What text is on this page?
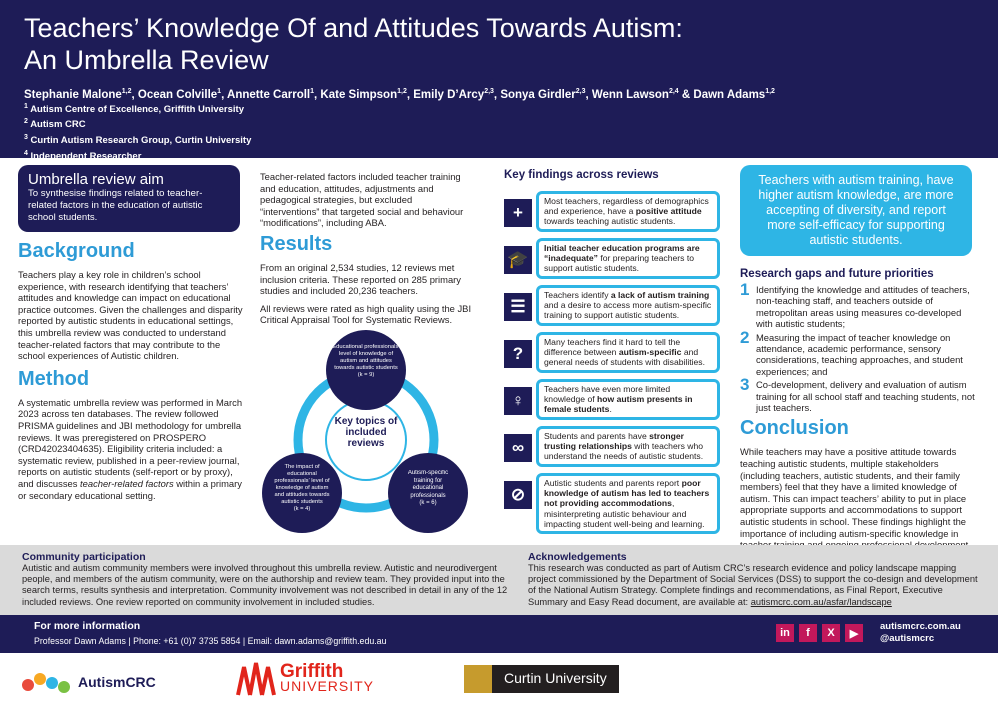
Teachers’ Knowledge Of and Attitudes Towards Autism:
An Umbrella Review
Stephanie Malone$^{1,2}$, Ocean Colville$^1$, Annette Carroll$^1$, Kate Simpson$^{1,2}$, Emily D’Arcy$^{2,3}$, Sonya Girdler$^{2,3}$, Wenn Lawson$^{2,4}$ & Dawn Adams$^{1,2}$
$^1$ Autism Centre of Excellence, Griffith University
$^2$ Autism CRC
$^3$ Curtin Autism Research Group, Curtin University
$^4$ Independent Researcher
Umbrella review aim

To synthesise findings related to teacher-related factors in the education of autistic school students.

Background

Teachers play a key role in children’s school experience, with research identifying that teachers’ attitudes and knowledge can impact on educational practice outcomes. Given the challenges and disparity reported by autistic students in educational settings, this umbrella review was conducted to understand teacher-related factors that may contribute to the school experiences of Autistic children.

Method

A systematic umbrella review was performed in March 2023 across ten databases. The review followed PRISMA guidelines and JBI methodology for umbrella reviews. It was preregistered on PROSPERO (CRD42023404635). Eligibility criteria included: a systematic review, published in a peer-review journal, reports on autistic students (self-report or by proxy), and discusses teacher-related factors within a primary or secondary educational setting.

Teacher-related factors included teacher training and education, attitudes, adjustments and pedagogical strategies, but excluded “interventions” that targeted social and behaviour “modifications”, including ABA.

Results

From an original 2,534 studies, 12 reviews met inclusion criteria. These reported on 285 primary studies and included 20,236 teachers.

All reviews were rated as high quality using the JBI Critical Appraisal Tool for Systematic Reviews.

Key topics of included reviews
Educational professionals’ level of knowledge of autism and attitudes towards autistic students
(k = 9)
The impact of educational professionals’ level of knowledge of autism and attitudes towards autistic students
(k = 4)
Autism-specific training for educational professionals
(k = 6)
Key findings across reviews
+
Most teachers, regardless of demographics and experience, have a positive attitude towards teaching autistic students.
🎓
Initial teacher education programs are “inadequate” for preparing teachers to support autistic students.
☰
Teachers identify a lack of autism training and a desire to access more autism-specific training to support autistic students.
?
Many teachers find it hard to tell the difference between autism-specific and general needs of students with disabilities.
♀
Teachers have even more limited knowledge of how autism presents in female students.
∞
Students and parents have stronger trusting relationships with teachers who understand the needs of autistic students.
⊘
Autistic students and parents report poor knowledge of autism has led to teachers not providing accommodations, misinterpreting autistic behaviour and impacting student well-being and learning.
Teachers with autism training, have higher autism knowledge, are more accepting of diversity, and report more self-efficacy for supporting autistic students.
Research gaps and future priorities
1 Identifying the knowledge and attitudes of teachers, non-teaching staff, and teachers outside of metropolitan areas using measures co-developed with autistic students;
2 Measuring the impact of teacher knowledge on attendance, academic performance, sensory considerations, teaching approaches, and student experiences; and
3 Co-development, delivery and evaluation of autism training for all school staff and teaching students, not just teachers.
Conclusion

While teachers may have a positive attitude towards teaching autistic students, multiple stakeholders (including teachers, autistic students, and their family members) feel that they have a limited knowledge of autism. This can impact teachers’ ability to put in place appropriate supports and accommodations to support autistic students in school. These findings highlight the importance of including autism-specific knowledge in

Community participation

Autistic and autism community members were involved throughout this umbrella review. Autistic and neurodivergent people, and members of the autism community, were on the authorship and review team. They provided input into the search terms, results synthesis and interpretation. Community involvement was not described in detail in any of the 12 included reviews. One review reported on community involvement in included studies.

Acknowledgements

This research was conducted as part of Autism CRC’s research evidence and policy landscape mapping project commissioned by the Department of Social Services (DSS) to support the co-design and development of the National Autism Strategy. Complete findings and recommendations, as Final Report, Executive Summary and Easy Read document, are available at: autismcrc.com.au/asfar/landscape

For more information
Professor Dawn Adams | Phone: +61 (0)7 3735 5854 | Email: dawn.adams@griffith.edu.au
in	f	X	▶
autismcrc.com.au
@autismcrc
AutismCRC	Griffith
UNIVERSITY	Curtin University
